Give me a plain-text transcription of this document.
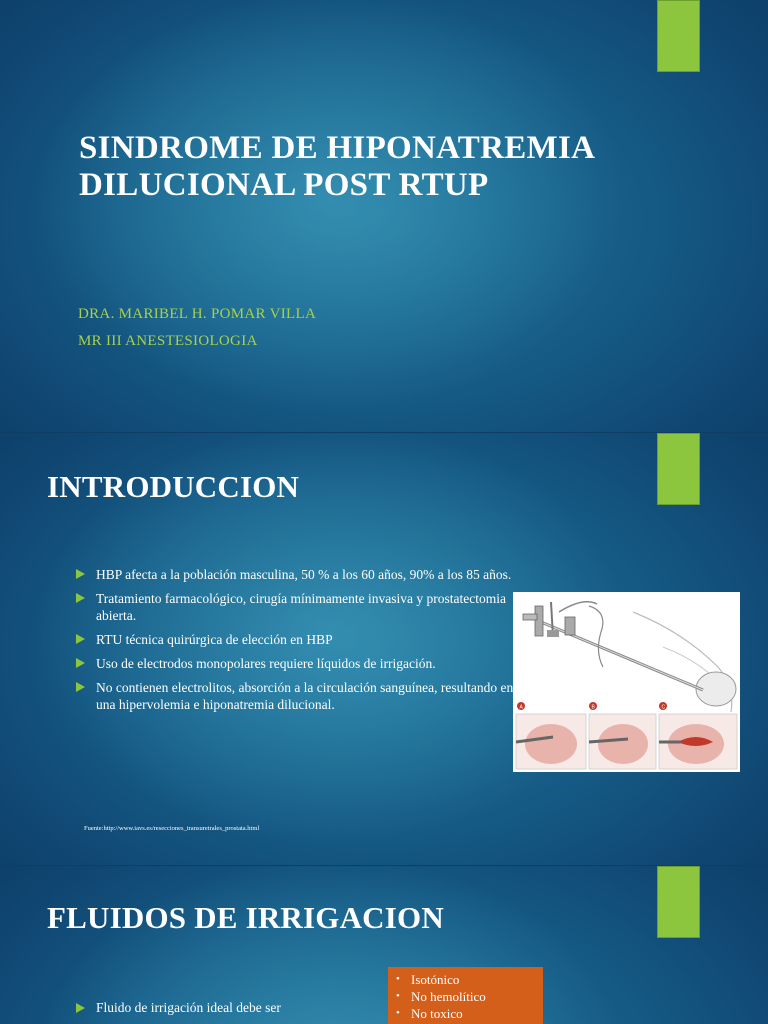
SINDROME DE HIPONATREMIA DILUCIONAL POST RTUP
DRA. MARIBEL H. POMAR VILLA
MR III ANESTESIOLOGIA
INTRODUCCION
HBP afecta a la población masculina, 50 % a los 60 años, 90% a los 85 años.
Tratamiento farmacológico, cirugía mínimamente invasiva y prostatectomia abierta.
RTU técnica quirúrgica de elección en HBP
Uso de electrodos monopolares requiere líquidos de irrigación.
No contienen electrolitos, absorción a la circulación sanguínea, resultando en una hipervolemia e hiponatremia dilucional.	A	B	C
Fuente:http://www.iavs.es/resecciones_transuretrales_prostata.html
FLUIDOS DE IRRIGACION
• Isotónico
• No hemolítico
• No toxico
Fluido de irrigación ideal debe ser
